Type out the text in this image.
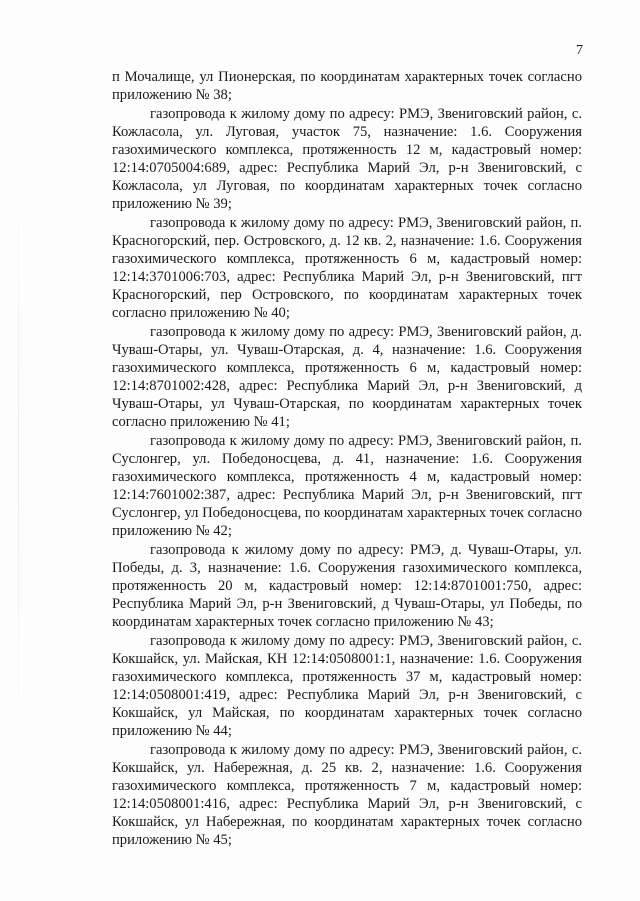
7

п Мочалище, ул Пионерская, по координатам характерных точек согласно приложению № 38;

газопровода к жилому дому по адресу: РМЭ, Звениговский район, с. Кожласола, ул. Луговая, участок 75, назначение: 1.6. Сооружения газохимического комплекса, протяженность 12 м, кадастровый номер: 12:14:0705004:689, адрес: Республика Марий Эл, р-н Звениговский, с Кожласола, ул Луговая, по координатам характерных точек согласно приложению № 39;

газопровода к жилому дому по адресу: РМЭ, Звениговский район, п. Красногорский, пер. Островского, д. 12 кв. 2, назначение: 1.6. Сооружения газохимического комплекса, протяженность 6 м, кадастровый номер: 12:14:3701006:703, адрес: Республика Марий Эл, р-н Звениговский, пгт Красногорский, пер Островского, по координатам характерных точек согласно приложению № 40;

газопровода к жилому дому по адресу: РМЭ, Звениговский район, д. Чуваш-Отары, ул. Чуваш-Отарская, д. 4, назначение: 1.6. Сооружения газохимического комплекса, протяженность 6 м, кадастровый номер: 12:14:8701002:428, адрес: Республика Марий Эл, р-н Звениговский, д Чуваш-Отары, ул Чуваш-Отарская, по координатам характерных точек согласно приложению № 41;

газопровода к жилому дому по адресу: РМЭ, Звениговский район, п. Суслонгер, ул. Победоносцева, д. 41, назначение: 1.6. Сооружения газохимического комплекса, протяженность 4 м, кадастровый номер: 12:14:7601002:387, адрес: Республика Марий Эл, р-н Звениговский, пгт Суслонгер, ул Победоносцева, по координатам характерных точек согласно приложению № 42;

газопровода к жилому дому по адресу: РМЭ, д. Чуваш-Отары, ул. Победы, д. 3, назначение: 1.6. Сооружения газохимического комплекса, протяженность 20 м, кадастровый номер: 12:14:8701001:750, адрес: Республика Марий Эл, р-н Звениговский, д Чуваш-Отары, ул Победы, по координатам характерных точек согласно приложению № 43;

газопровода к жилому дому по адресу: РМЭ, Звениговский район, с. Кокшайск, ул. Майская, КН 12:14:0508001:1, назначение: 1.6. Сооружения газохимического комплекса, протяженность 37 м, кадастровый номер: 12:14:0508001:419, адрес: Республика Марий Эл, р-н Звениговский, с Кокшайск, ул Майская, по координатам характерных точек согласно приложению № 44;

газопровода к жилому дому по адресу: РМЭ, Звениговский район, с. Кокшайск, ул. Набережная, д. 25 кв. 2, назначение: 1.6. Сооружения газохимического комплекса, протяженность 7 м, кадастровый номер: 12:14:0508001:416, адрес: Республика Марий Эл, р-н Звениговский, с Кокшайск, ул Набережная, по координатам характерных точек согласно приложению № 45;
